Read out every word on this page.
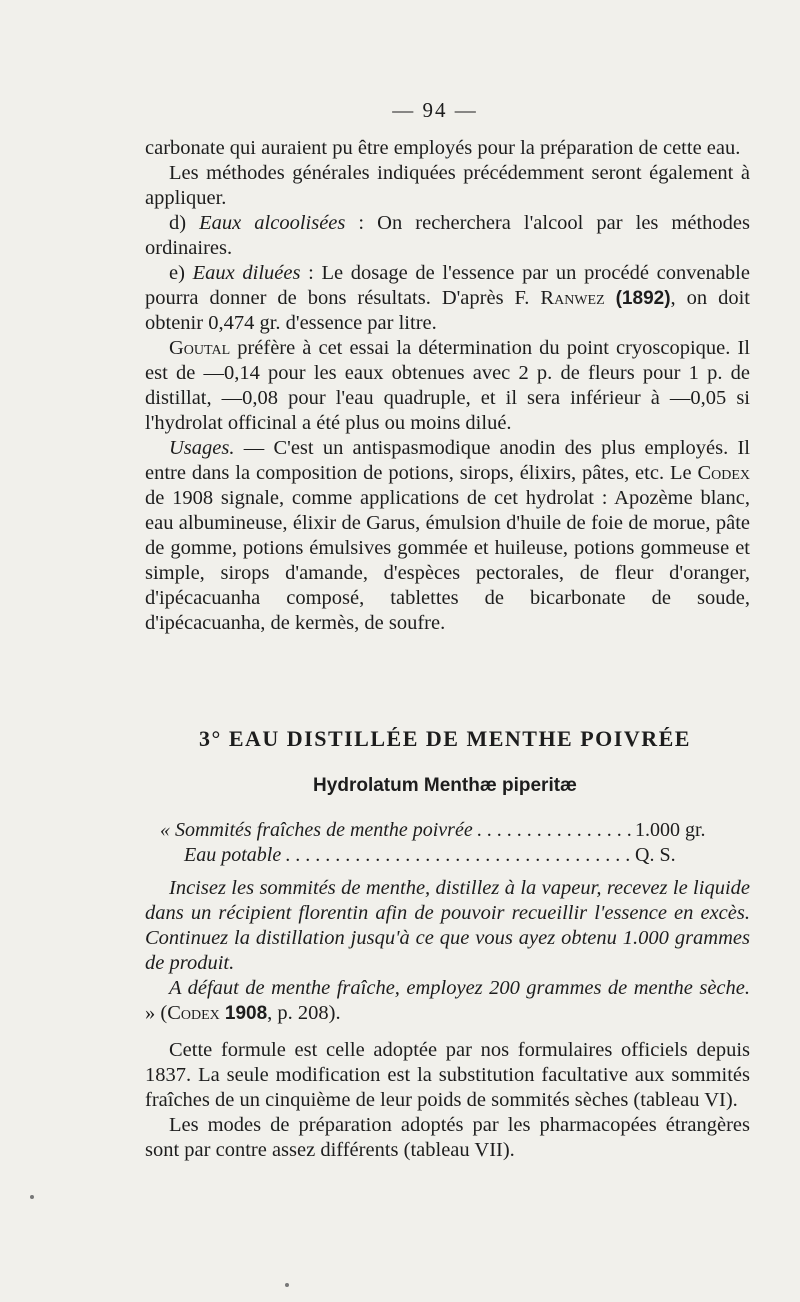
— 94 —

carbonate qui auraient pu être employés pour la préparation de cette eau.

Les méthodes générales indiquées précédemment seront également à appliquer.

d) Eaux alcoolisées : On recherchera l'alcool par les méthodes ordinaires.

e) Eaux diluées : Le dosage de l'essence par un procédé convenable pourra donner de bons résultats. D'après F. Ranwez (1892), on doit obtenir 0,474 gr. d'essence par litre.

Goutal préfère à cet essai la détermination du point cryoscopique. Il est de —0,14 pour les eaux obtenues avec 2 p. de fleurs pour 1 p. de distillat, —0,08 pour l'eau quadruple, et il sera inférieur à —0,05 si l'hydrolat officinal a été plus ou moins dilué.

Usages. — C'est un antispasmodique anodin des plus employés. Il entre dans la composition de potions, sirops, élixirs, pâtes, etc. Le Codex de 1908 signale, comme applications de cet hydrolat : Apozème blanc, eau albumineuse, élixir de Garus, émulsion d'huile de foie de morue, pâte de gomme, potions émulsives gommée et huileuse, potions gommeuse et simple, sirops d'amande, d'espèces pectorales, de fleur d'oranger, d'ipécacuanha composé, tablettes de bicarbonate de soude, d'ipécacuanha, de kermès, de soufre.

3° EAU DISTILLÉE DE MENTHE POIVRÉE
Hydrolatum Menthæ piperitæ
« Sommités fraîches de menthe poivrée . . .	1.000 gr.
Eau potable . . .	Q. S.

Incisez les sommités de menthe, distillez à la vapeur, recevez le liquide dans un récipient florentin afin de pouvoir recueillir l'essence en excès. Continuez la distillation jusqu'à ce que vous ayez obtenu 1.000 grammes de produit.

A défaut de menthe fraîche, employez 200 grammes de menthe sèche. » (Codex 1908, p. 208).

Cette formule est celle adoptée par nos formulaires officiels depuis 1837. La seule modification est la substitution facultative aux sommités fraîches de un cinquième de leur poids de sommités sèches (tableau VI).

Les modes de préparation adoptés par les pharmacopées étrangères sont par contre assez différents (tableau VII).
